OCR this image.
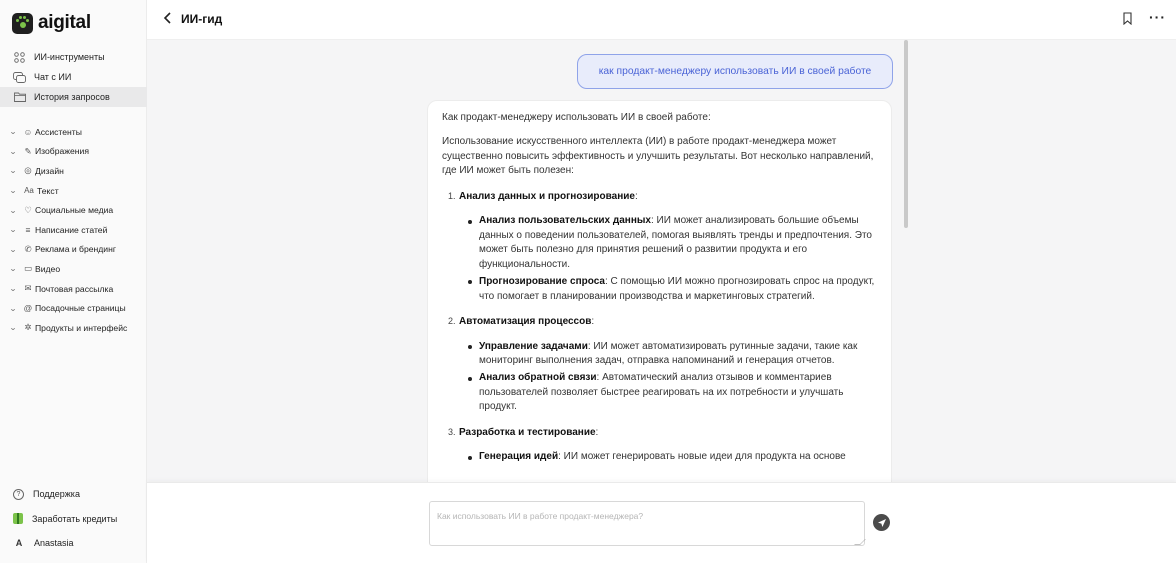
aigital
ИИ-инструменты
Чат с ИИ
История запросов
⌄ ☺ Ассистенты
⌄ ✎ Изображения
⌄ ◎ Дизайн
⌄ Aa Текст
⌄ ♡ Социальные медиа
⌄ ≡ Написание статей
⌄ ✆ Реклама и брендинг
⌄ ▭ Видео
⌄ ✉ Почтовая рассылка
⌄ @ Посадочные страницы
⌄ ✲ Продукты и интерфейс
?	Поддержка
Заработать кредиты
A	Anastasia
ИИ-гид	···
как продакт-менеджеру использовать ИИ в своей работе

Как продакт-менеджеру использовать ИИ в своей работе:

Использование искусственного интеллекта (ИИ) в работе продакт-менеджера может существенно повысить эффективность и улучшить результаты. Вот несколько направлений, где ИИ может быть полезен:

1. Анализ данных и прогнозирование:
Анализ пользовательских данных: ИИ может анализировать большие объемы данных о поведении пользователей, помогая выявлять тренды и предпочтения. Это может быть полезно для принятия решений о развитии продукта и его функциональности.
Прогнозирование спроса: С помощью ИИ можно прогнозировать спрос на продукт, что помогает в планировании производства и маркетинговых стратегий.
2. Автоматизация процессов:
Управление задачами: ИИ может автоматизировать рутинные задачи, такие как мониторинг выполнения задач, отправка напоминаний и генерация отчетов.
Анализ обратной связи: Автоматический анализ отзывов и комментариев пользователей позволяет быстрее реагировать на их потребности и улучшать продукт.
3. Разработка и тестирование:
Генерация идей: ИИ может генерировать новые идеи для продукта на основе
Как использовать ИИ в работе продакт-менеджера?
